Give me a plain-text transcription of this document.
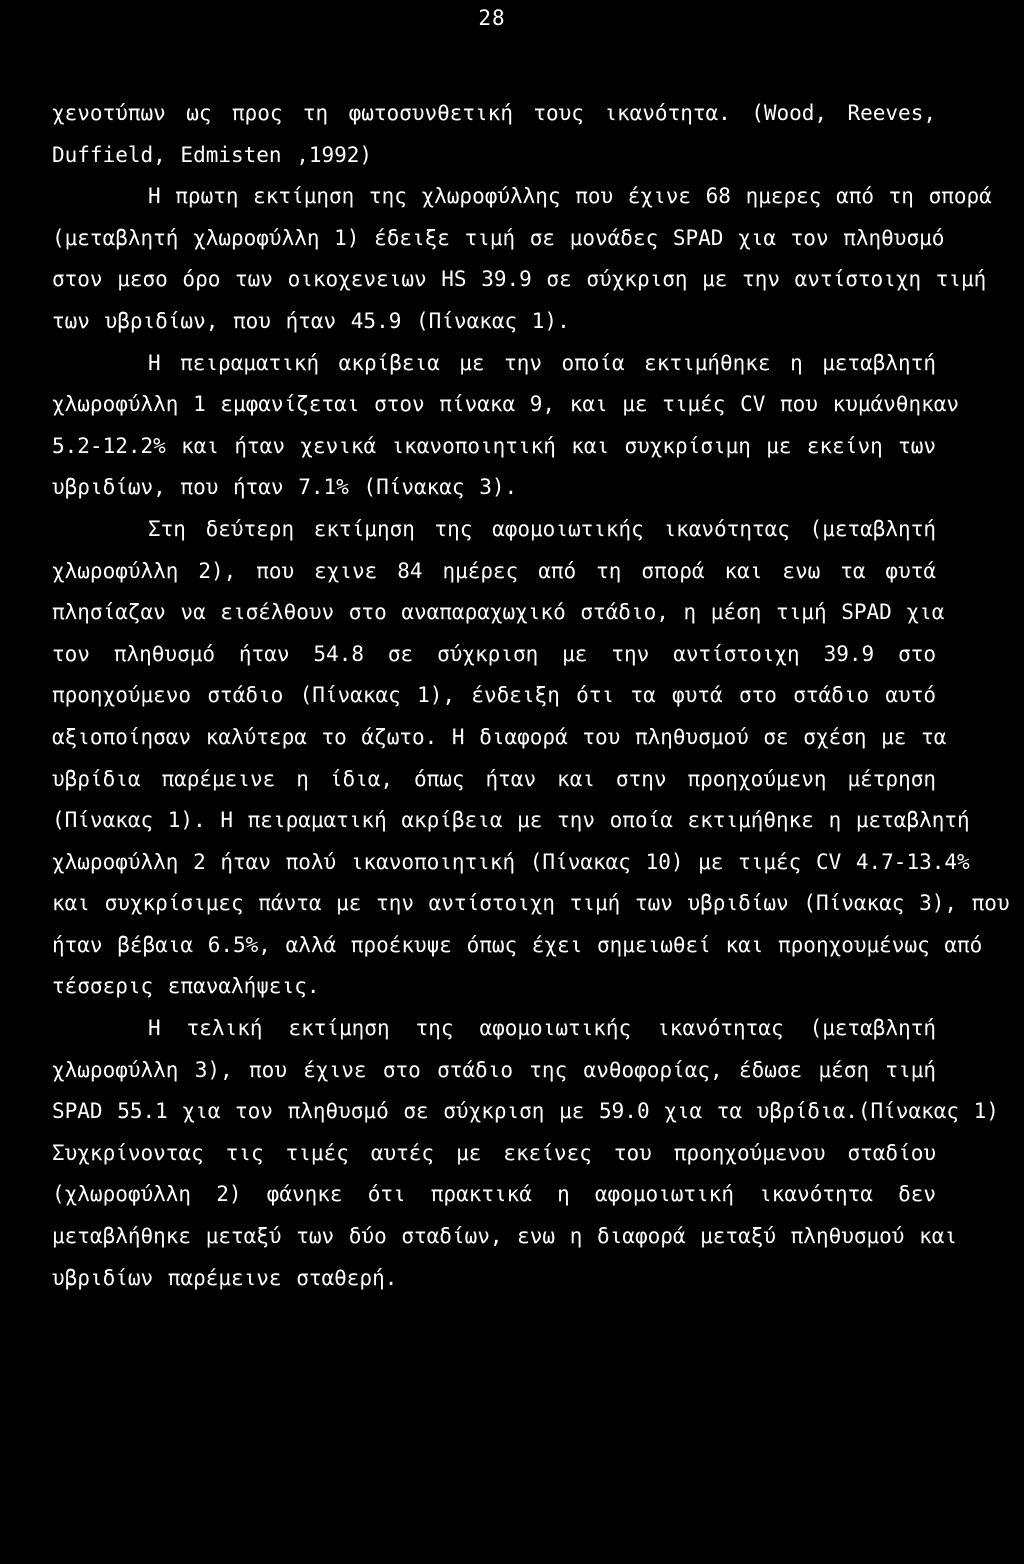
28
χενοτύπων ως προς τη φωτοσυνθετική τους ικανότητα. (Wood, Reeves,
Duffield, Edmisten ,1992)
Η πρωτη εκτίμηση της χλωροφύλλης που έχινε 68 ημερες από τη σπορά
(μεταβλητή χλωροφύλλη 1) έδειξε τιμή σε μονάδες SPAD χια τον πληθυσμό
στον μεσο όρο των οικοχενειων HS 39.9 σε σύχκριση με την αντίστοιχη τιμή
των υβριδίων, που ήταν 45.9 (Πίνακας 1).
Η πειραματική ακρίβεια με την οποία εκτιμήθηκε η μεταβλητή
χλωροφύλλη 1 εμφανίζεται στον πίνακα 9, και με τιμές CV που κυμάνθηκαν
5.2-12.2% και ήταν χενικά ικανοποιητική και συχκρίσιμη με εκείνη των
υβριδίων, που ήταν 7.1% (Πίνακας 3).
Στη δεύτερη εκτίμηση της αφομοιωτικής ικανότητας (μεταβλητή
χλωροφύλλη 2), που εχινε 84 ημέρες από τη σπορά και ενω τα φυτά
πλησίαζαν να εισέλθουν στο αναπαραχωχικό στάδιο, η μέση τιμή SPAD χια
τον πληθυσμό ήταν 54.8 σε σύχκριση με την αντίστοιχη 39.9 στο
προηχούμενο στάδιο (Πίνακας 1), ένδειξη ότι τα φυτά στο στάδιο αυτό
αξιοποίησαν καλύτερα το άζωτο. Η διαφορά του πληθυσμού σε σχέση με τα
υβρίδια παρέμεινε η ίδια, όπως ήταν και στην προηχούμενη μέτρηση
(Πίνακας 1). Η πειραματική ακρίβεια με την οποία εκτιμήθηκε η μεταβλητή
χλωροφύλλη 2 ήταν πολύ ικανοποιητική (Πίνακας 10) με τιμές CV 4.7-13.4%
και συχκρίσιμες πάντα με την αντίστοιχη τιμή των υβριδίων (Πίνακας 3), που
ήταν βέβαια 6.5%, αλλά προέκυψε όπως έχει σημειωθεί και προηχουμένως από
τέσσερις επαναλήψεις.
Η τελική εκτίμηση της αφομοιωτικής ικανότητας (μεταβλητή
χλωροφύλλη 3), που έχινε στο στάδιο της ανθοφορίας, έδωσε μέση τιμή
SPAD 55.1 χια τον πληθυσμό σε σύχκριση με 59.0 χια τα υβρίδια.(Πίνακας 1)
Συχκρίνοντας τις τιμές αυτές με εκείνες του προηχούμενου σταδίου
(χλωροφύλλη 2) φάνηκε ότι πρακτικά η αφομοιωτική ικανότητα δεν
μεταβλήθηκε μεταξύ των δύο σταδίων, ενω η διαφορά μεταξύ πληθυσμού και
υβριδίων παρέμεινε σταθερή.
